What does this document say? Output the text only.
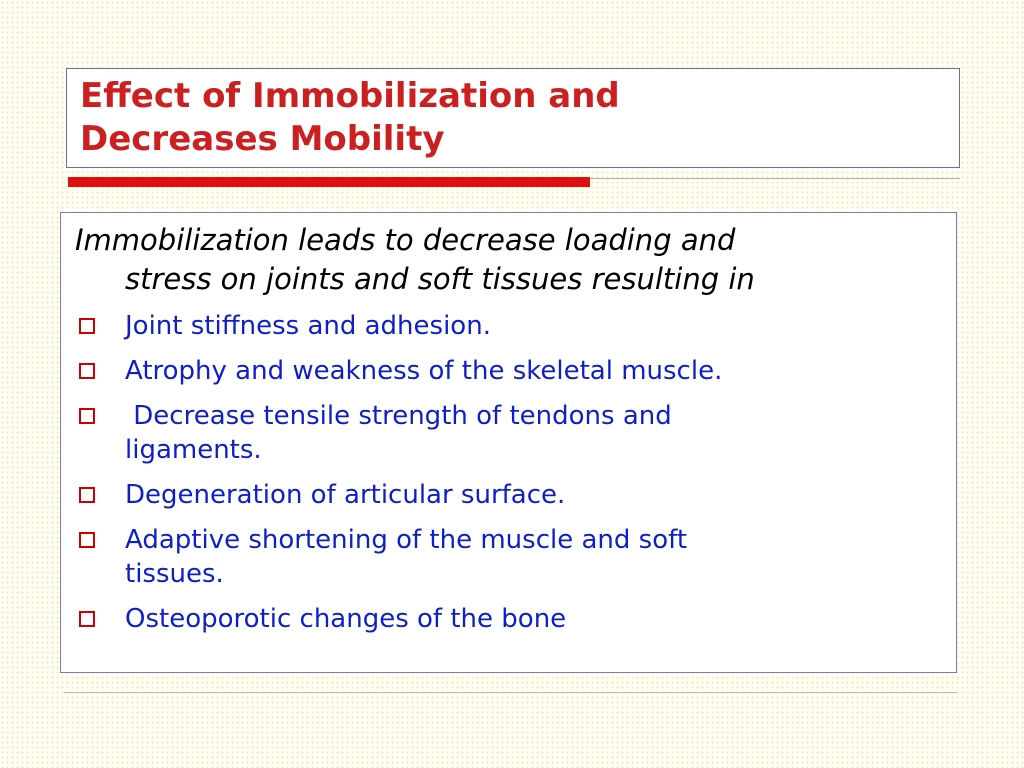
Effect of Immobilization and
Decreases Mobility

Immobilization leads to decrease loading and
stress on joints and soft tissues resulting in

Joint stiffness and adhesion.
Atrophy and weakness of the skeletal muscle.
Decrease tensile strength of tendons and
ligaments.
Degeneration of articular surface.
Adaptive shortening of the muscle and soft
tissues.
Osteoporotic changes of the bone
